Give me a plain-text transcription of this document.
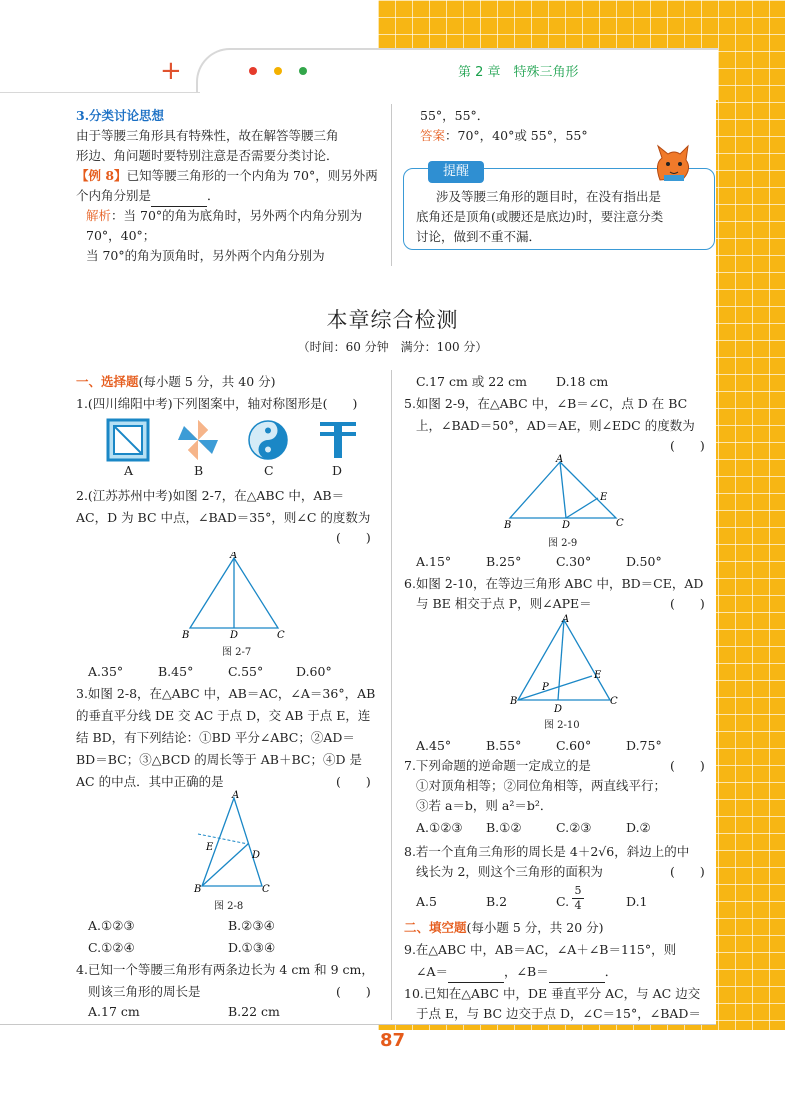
+	第 2 章　特殊三角形
3.分类讨论思想
由于等腰三角形具有特殊性，故在解答等腰三角
形边、角问题时要特别注意是否需要分类讨论．
【例 8】已知等腰三角形的一个内角为 70°，则另外两
个内角分别是	．
解析：当 70°的角为底角时，另外两个内角分别为
70°，40°；
当 70°的角为顶角时，另外两个内角分别为
55°，55°．
答案：70°，40°或 55°，55°
提醒
涉及等腰三角形的题目时，在没有指出是
底角还是顶角(或腰还是底边)时，要注意分类
讨论，做到不重不漏．
本章综合检测
（时间：60 分钟　满分：100 分）
一、选择题(每小题 5 分，共 40 分)
1.(四川绵阳中考)下列图案中，轴对称图形是(　　)
A	B	C	D
2.(江苏苏州中考)如图 2-7，在△ABC 中，AB＝
AC，D 为 BC 中点，∠BAD＝35°，则∠C 的度数为
(　　)
A
B	D	C
图 2-7
A.35°	B.45°	C.55°	D.60°
3.如图 2-8，在△ABC 中，AB＝AC，∠A＝36°，AB
的垂直平分线 DE 交 AC 于点 D，交 AB 于点 E，连
结 BD，有下列结论：①BD 平分∠ABC；②AD＝
BD＝BC；③△BCD 的周长等于 AB＋BC；④D 是
AC 的中点．其中正确的是	(　　)
A
E
D
B	C
图 2-8
A.①②③	B.②③④
C.①②④	D.①③④
4.已知一个等腰三角形有两条边长为 4 cm 和 9 cm，
则该三角形的周长是	(　　)
A.17 cm	B.22 cm
C.17 cm 或 22 cm D.18 cm
5.如图 2-9，在△ABC 中，∠B＝∠C，点 D 在 BC
上，∠BAD＝50°，AD＝AE，则∠EDC 的度数为
(　　)
A
E
B	D	C
图 2-9
A.15°	B.25°	C.30°	D.50°
6.如图 2-10，在等边三角形 ABC 中，BD＝CE，AD
与 BE 相交于点 P，则∠APE＝	(　　)
A
P
E
B
D
C
图 2-10
A.45°	B.55°	C.60°	D.75°
7.下列命题的逆命题一定成立的是	(　　)
①对顶角相等；②同位角相等，两直线平行；
③若 a＝b，则 a²＝b²．
A.①②③ B.①②	C.②③	D.②
8.若一个直角三角形的周长是 4＋2√6，斜边上的中
线长为 2，则这个三角形的面积为	(　　)
A.5	B.2	C. $\frac{5}{4}$	D.1
二、填空题(每小题 5 分，共 20 分)
9.在△ABC 中，AB＝AC，∠A＋∠B＝115°，则
∠A＝	，∠B＝	．
10.已知在△ABC 中，DE 垂直平分 AC，与 AC 边交
于点 E，与 BC 边交于点 D，∠C＝15°，∠BAD＝
87
